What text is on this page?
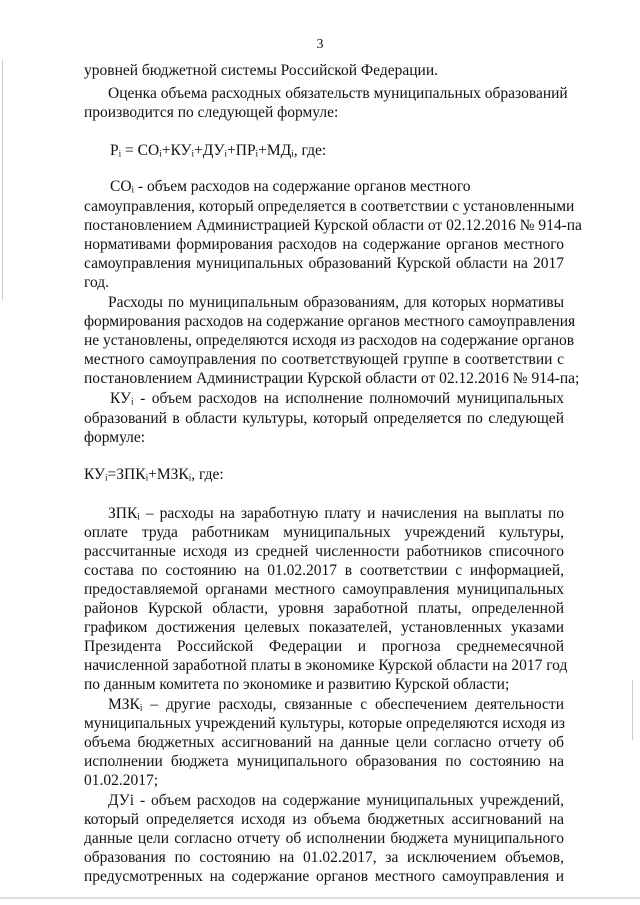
3
уровней бюджетной системы Российской Федерации.
Оценка объема расходных обязательств муниципальных образований
производится по следующей формуле:
Pᵢ = COᵢ+КУᵢ+ДУᵢ+ПPᵢ+МДᵢ, где:
COᵢ - объем расходов на содержание органов местного
самоуправления, который определяется в соответствии с установленными
постановлением Администрацией Курской области от 02.12.2016 № 914-па
нормативами формирования расходов на содержание органов местного
самоуправления муниципальных образований Курской области на 2017
год.
Расходы по муниципальным образованиям, для которых нормативы
формирования расходов на содержание органов местного самоуправления
не установлены, определяются исходя из расходов на содержание органов
местного самоуправления по соответствующей группе в соответствии с
постановлением Администрации Курской области от 02.12.2016 № 914-па;
КУᵢ - объем расходов на исполнение полномочий муниципальных
образований в области культуры, который определяется по следующей
формуле:
КУᵢ=ЗПКᵢ+МЗКᵢ, где:
ЗПКᵢ – расходы на заработную плату и начисления на выплаты по
оплате труда работникам муниципальных учреждений культуры,
рассчитанные исходя из средней численности работников списочного
состава по состоянию на 01.02.2017 в соответствии с информацией,
предоставляемой органами местного самоуправления муниципальных
районов Курской области, уровня заработной платы, определенной
графиком достижения целевых показателей, установленных указами
Президента Российской Федерации и прогноза среднемесячной
начисленной заработной платы в экономике Курской области на 2017 год
по данным комитета по экономике и развитию Курской области;
МЗКᵢ – другие расходы, связанные с обеспечением деятельности
муниципальных учреждений культуры, которые определяются исходя из
объема бюджетных ассигнований на данные цели согласно отчету об
исполнении бюджета муниципального образования по состоянию на
01.02.2017;
ДУi - объем расходов на содержание муниципальных учреждений,
который определяется исходя из объема бюджетных ассигнований на
данные цели согласно отчету об исполнении бюджета муниципального
образования по состоянию на 01.02.2017, за исключением объемов,
предусмотренных на содержание органов местного самоуправления и
